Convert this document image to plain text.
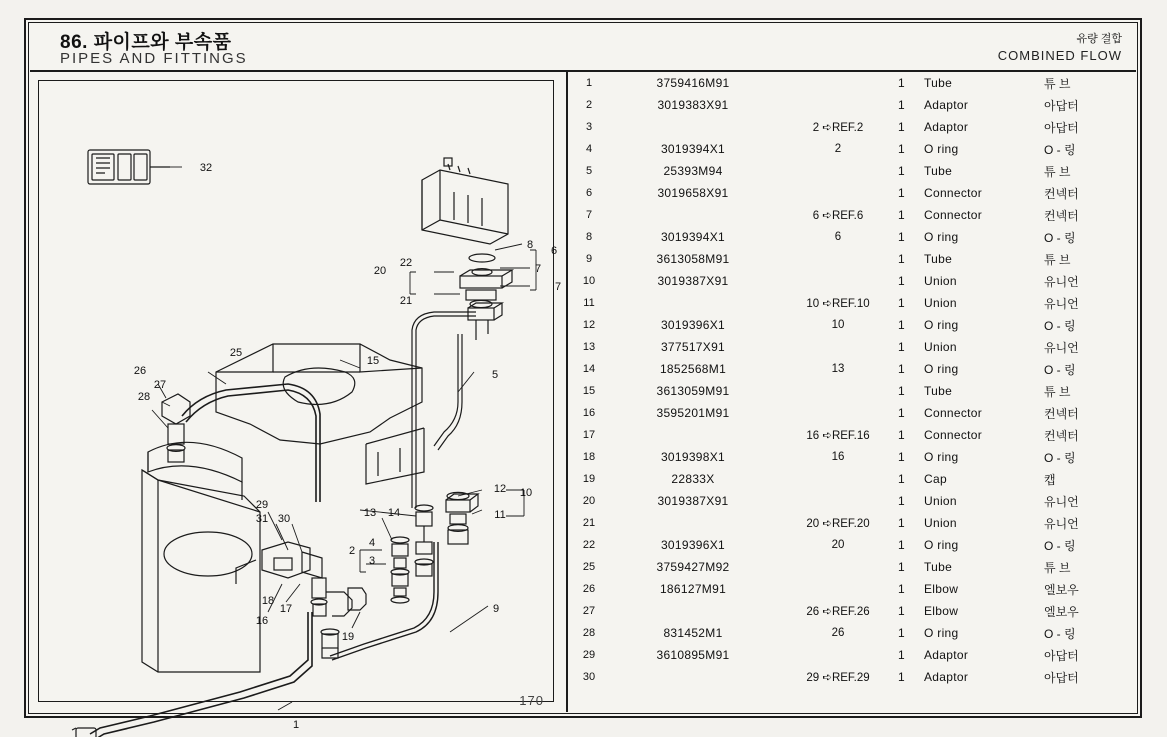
86. 파이프와 부속품
PIPES AND FITTINGS
유량 결합
COMBINED FLOW
32
8 6
7
7
22
20
21
25
15
5
26
27
28
12 10
11
13 14
29
31 30
2
4
3
18
17
16
19
9
1
170
1	3759416M91		1	Tube	튜 브
2	3019383X91		1	Adaptor	아답터
3		2 ➪REF.2	1	Adaptor	아답터
4	3019394X1	2	1	O ring	O - 링
5	25393M94		1	Tube	튜 브
6	3019658X91		1	Connector	컨넥터
7		6 ➪REF.6	1	Connector	컨넥터
8	3019394X1	6	1	O ring	O - 링
9	3613058M91		1	Tube	튜 브
10	3019387X91		1	Union	유니언
11		10 ➪REF.10	1	Union	유니언
12	3019396X1	10	1	O ring	O - 링
13	377517X91		1	Union	유니언
14	1852568M1	13	1	O ring	O - 링
15	3613059M91		1	Tube	튜 브
16	3595201M91		1	Connector	컨넥터
17		16 ➪REF.16	1	Connector	컨넥터
18	3019398X1	16	1	O ring	O - 링
19	22833X		1	Cap	캡
20	3019387X91		1	Union	유니언
21		20 ➪REF.20	1	Union	유니언
22	3019396X1	20	1	O ring	O - 링
25	3759427M92		1	Tube	튜 브
26	186127M91		1	Elbow	엘보우
27		26 ➪REF.26	1	Elbow	엘보우
28	831452M1	26	1	O ring	O - 링
29	3610895M91		1	Adaptor	아답터
30		29 ➪REF.29	1	Adaptor	아답터
